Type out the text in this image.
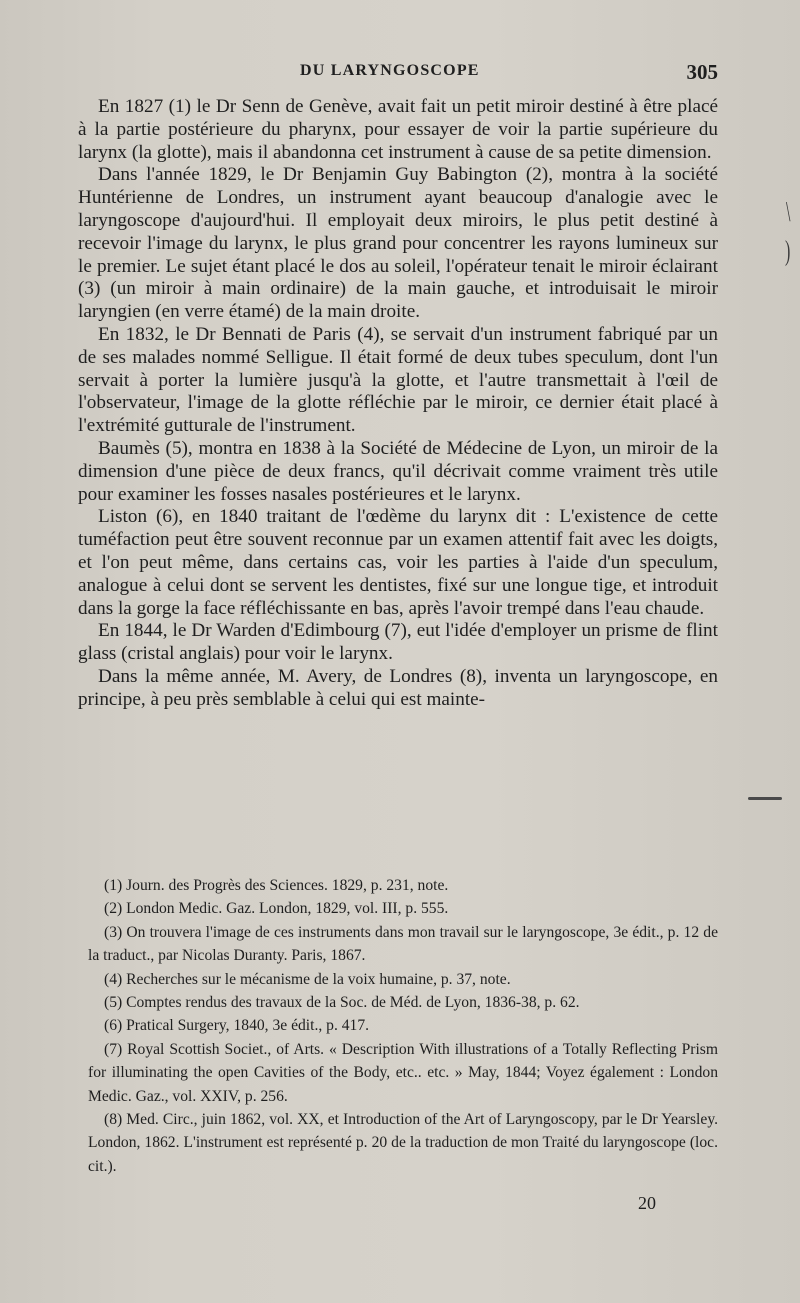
DU LARYNGOSCOPE	305

En 1827 (1) le Dr Senn de Genève, avait fait un petit miroir destiné à être placé à la partie postérieure du pharynx, pour essayer de voir la partie supérieure du larynx (la glotte), mais il abandonna cet instrument à cause de sa petite dimension.

Dans l'année 1829, le Dr Benjamin Guy Babington (2), montra à la société Huntérienne de Londres, un instrument ayant beaucoup d'analogie avec le laryngoscope d'aujourd'hui. Il employait deux miroirs, le plus petit destiné à recevoir l'image du larynx, le plus grand pour concentrer les rayons lumineux sur le premier. Le sujet étant placé le dos au soleil, l'opérateur tenait le miroir éclairant (3) (un miroir à main ordinaire) de la main gauche, et introduisait le miroir laryngien (en verre étamé) de la main droite.

En 1832, le Dr Bennati de Paris (4), se servait d'un instrument fabriqué par un de ses malades nommé Selligue. Il était formé de deux tubes speculum, dont l'un servait à porter la lumière jusqu'à la glotte, et l'autre transmettait à l'œil de l'observateur, l'image de la glotte réfléchie par le miroir, ce dernier était placé à l'extrémité gutturale de l'instrument.

Baumès (5), montra en 1838 à la Société de Médecine de Lyon, un miroir de la dimension d'une pièce de deux francs, qu'il décrivait comme vraiment très utile pour examiner les fosses nasales postérieures et le larynx.

Liston (6), en 1840 traitant de l'œdème du larynx dit : L'existence de cette tuméfaction peut être souvent reconnue par un examen attentif fait avec les doigts, et l'on peut même, dans certains cas, voir les parties à l'aide d'un speculum, analogue à celui dont se servent les dentistes, fixé sur une longue tige, et introduit dans la gorge la face réfléchissante en bas, après l'avoir trempé dans l'eau chaude.

En 1844, le Dr Warden d'Edimbourg (7), eut l'idée d'employer un prisme de flint glass (cristal anglais) pour voir le larynx.

Dans la même année, M. Avery, de Londres (8), inventa un laryngoscope, en principe, à peu près semblable à celui qui est mainte-

(1) Journ. des Progrès des Sciences. 1829, p. 231, note.

(2) London Medic. Gaz. London, 1829, vol. III, p. 555.

(3) On trouvera l'image de ces instruments dans mon travail sur le laryngoscope, 3e édit., p. 12 de la traduct., par Nicolas Duranty. Paris, 1867.

(4) Recherches sur le mécanisme de la voix humaine, p. 37, note.

(5) Comptes rendus des travaux de la Soc. de Méd. de Lyon, 1836-38, p. 62.

(6) Pratical Surgery, 1840, 3e édit., p. 417.

(7) Royal Scottish Societ., of Arts. « Description With illustrations of a Totally Reflecting Prism for illuminating the open Cavities of the Body, etc.. etc. » May, 1844; Voyez également : London Medic. Gaz., vol. XXIV, p. 256.

(8) Med. Circ., juin 1862, vol. XX, et Introduction of the Art of Laryngoscopy, par le Dr Yearsley. London, 1862. L'instrument est représenté p. 20 de la traduction de mon Traité du laryngoscope (loc. cit.).

20
\
)
